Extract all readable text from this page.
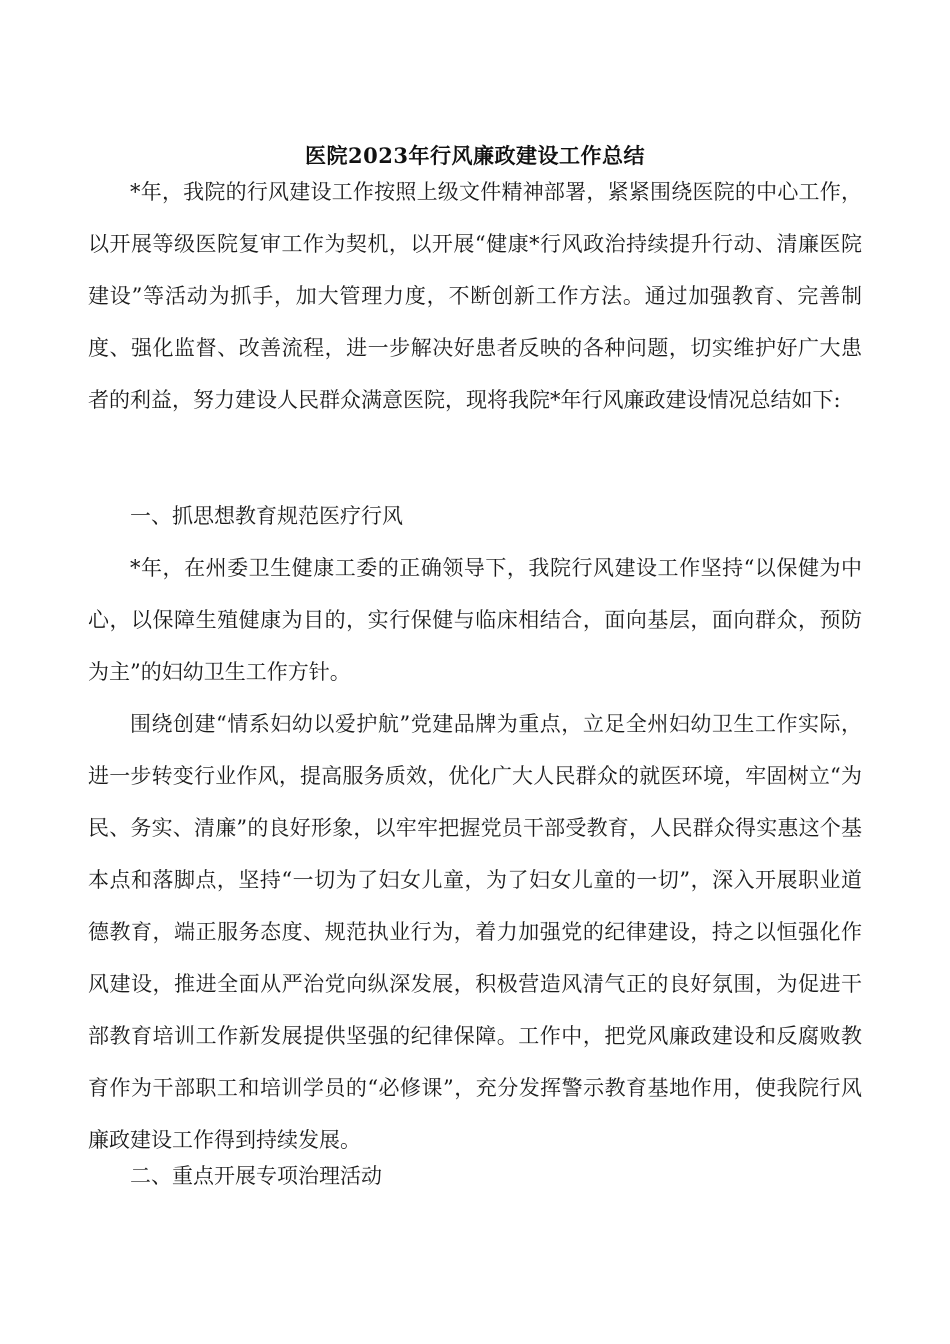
医院2023年行风廉政建设工作总结

*年，我院的行风建设工作按照上级文件精神部署，紧紧围绕医院的中心工作，以开展等级医院复审工作为契机，以开展“健康*行风政治持续提升行动、清廉医院建设”等活动为抓手，加大管理力度，不断创新工作方法。通过加强教育、完善制度、强化监督、改善流程，进一步解决好患者反映的各种问题，切实维护好广大患者的利益，努力建设人民群众满意医院，现将我院*年行风廉政建设情况总结如下:

一、抓思想教育规范医疗行风

*年，在州委卫生健康工委的正确领导下，我院行风建设工作坚持“以保健为中心，以保障生殖健康为目的，实行保健与临床相结合，面向基层，面向群众，预防为主”的妇幼卫生工作方针。

围绕创建“情系妇幼以爱护航”党建品牌为重点，立足全州妇幼卫生工作实际，进一步转变行业作风，提高服务质效，优化广大人民群众的就医环境，牢固树立“为民、务实、清廉”的良好形象，以牢牢把握党员干部受教育，人民群众得实惠这个基本点和落脚点，坚持“一切为了妇女儿童，为了妇女儿童的一切”，深入开展职业道德教育，端正服务态度、规范执业行为，着力加强党的纪律建设，持之以恒强化作风建设，推进全面从严治党向纵深发展，积极营造风清气正的良好氛围，为促进干部教育培训工作新发展提供坚强的纪律保障。工作中，把党风廉政建设和反腐败教育作为干部职工和培训学员的“必修课”，充分发挥警示教育基地作用，使我院行风廉政建设工作得到持续发展。

二、重点开展专项治理活动
